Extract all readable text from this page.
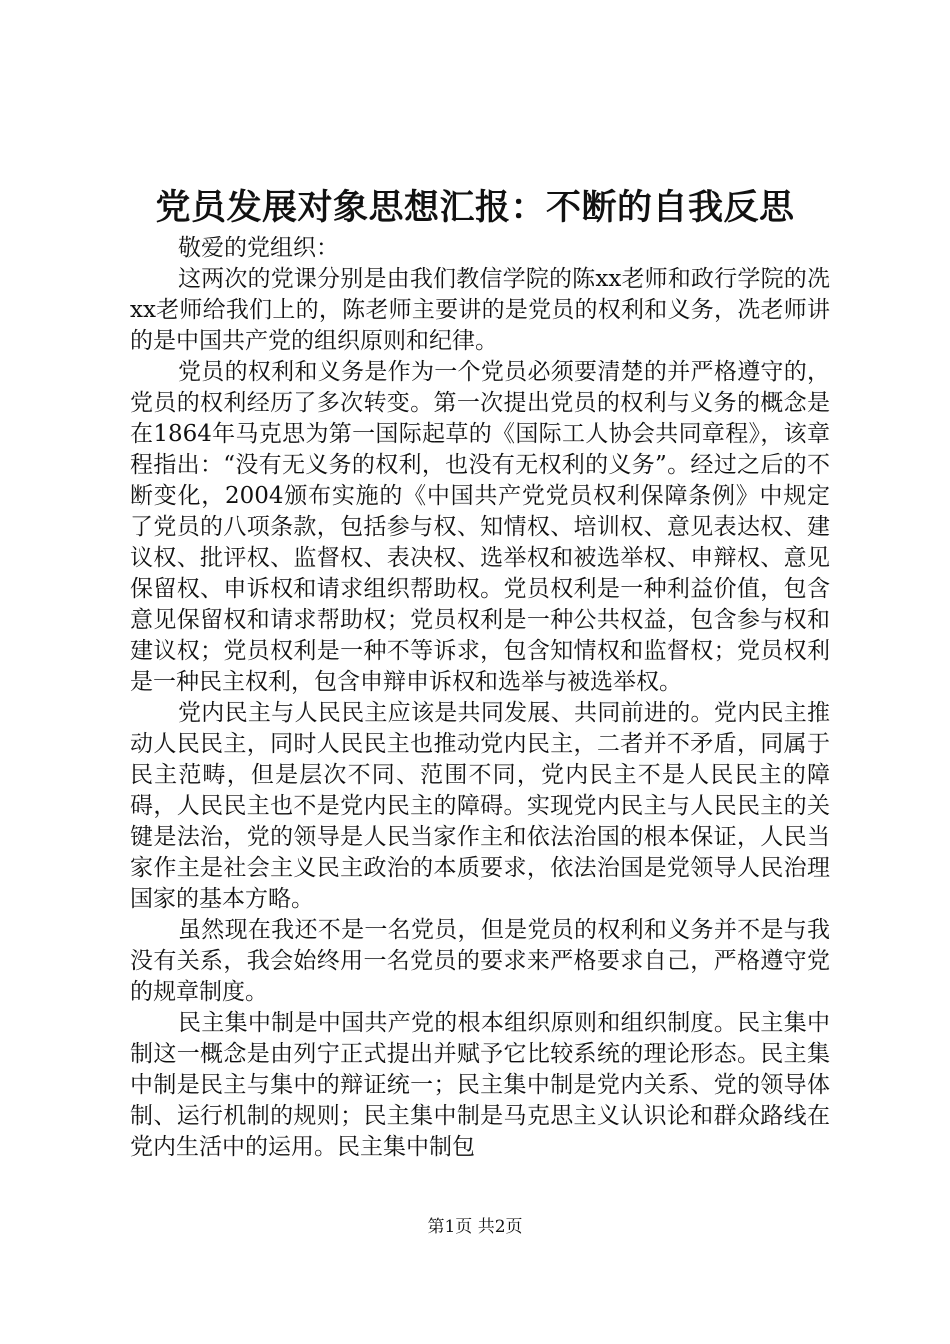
党员发展对象思想汇报：不断的自我反思

敬爱的党组织：

这两次的党课分别是由我们教信学院的陈xx老师和政行学院的冼xx老师给我们上的，陈老师主要讲的是党员的权利和义务，冼老师讲的是中国共产党的组织原则和纪律。

党员的权利和义务是作为一个党员必须要清楚的并严格遵守的，党员的权利经历了多次转变。第一次提出党员的权利与义务的概念是在1864年马克思为第一国际起草的《国际工人协会共同章程》，该章程指出：“没有无义务的权利，也没有无权利的义务”。经过之后的不断变化，2004颁布实施的《中国共产党党员权利保障条例》中规定了党员的八项条款，包括参与权、知情权、培训权、意见表达权、建议权、批评权、监督权、表决权、选举权和被选举权、申辩权、意见保留权、申诉权和请求组织帮助权。党员权利是一种利益价值，包含意见保留权和请求帮助权；党员权利是一种公共权益，包含参与权和建议权；党员权利是一种不等诉求，包含知情权和监督权；党员权利是一种民主权利，包含申辩申诉权和选举与被选举权。

党内民主与人民民主应该是共同发展、共同前进的。党内民主推动人民民主，同时人民民主也推动党内民主，二者并不矛盾，同属于民主范畴，但是层次不同、范围不同，党内民主不是人民民主的障碍，人民民主也不是党内民主的障碍。实现党内民主与人民民主的关键是法治，党的领导是人民当家作主和依法治国的根本保证，人民当家作主是社会主义民主政治的本质要求，依法治国是党领导人民治理国家的基本方略。

虽然现在我还不是一名党员，但是党员的权利和义务并不是与我没有关系，我会始终用一名党员的要求来严格要求自己，严格遵守党的规章制度。

民主集中制是中国共产党的根本组织原则和组织制度。民主集中制这一概念是由列宁正式提出并赋予它比较系统的理论形态。民主集中制是民主与集中的辩证统一；民主集中制是党内关系、党的领导体制、运行机制的规则；民主集中制是马克思主义认识论和群众路线在党内生活中的运用。民主集中制包

第1页 共2页
